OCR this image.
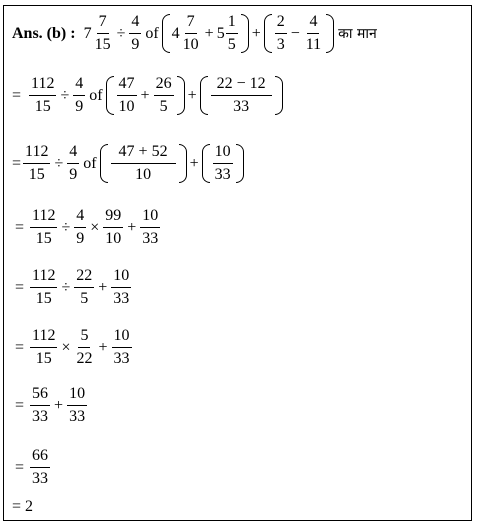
Ans. (b) : $7 \frac{7}{15} \div \frac{4}{9}$ of $4 \frac{7}{10} + 5 \frac{1}{5} + \frac{2}{3} - \frac{4}{11}$ का मान
= $\frac{112}{15} \div \frac{4}{9}$ of $\frac{47}{10} + \frac{26}{5} + \frac{22 - 12}{33}$
= $\frac{112}{15} \div \frac{4}{9}$ of $\frac{47 + 52}{10} + \frac{10}{33}$
= $\frac{112}{15} \div \frac{4}{9} \times \frac{99}{10} + \frac{10}{33}$
= $\frac{112}{15} \div \frac{22}{5} + \frac{10}{33}$
= $\frac{112}{15} \times \frac{5}{22} + \frac{10}{33}$
= $\frac{56}{33} + \frac{10}{33}$
= $\frac{66}{33}$
= 2
